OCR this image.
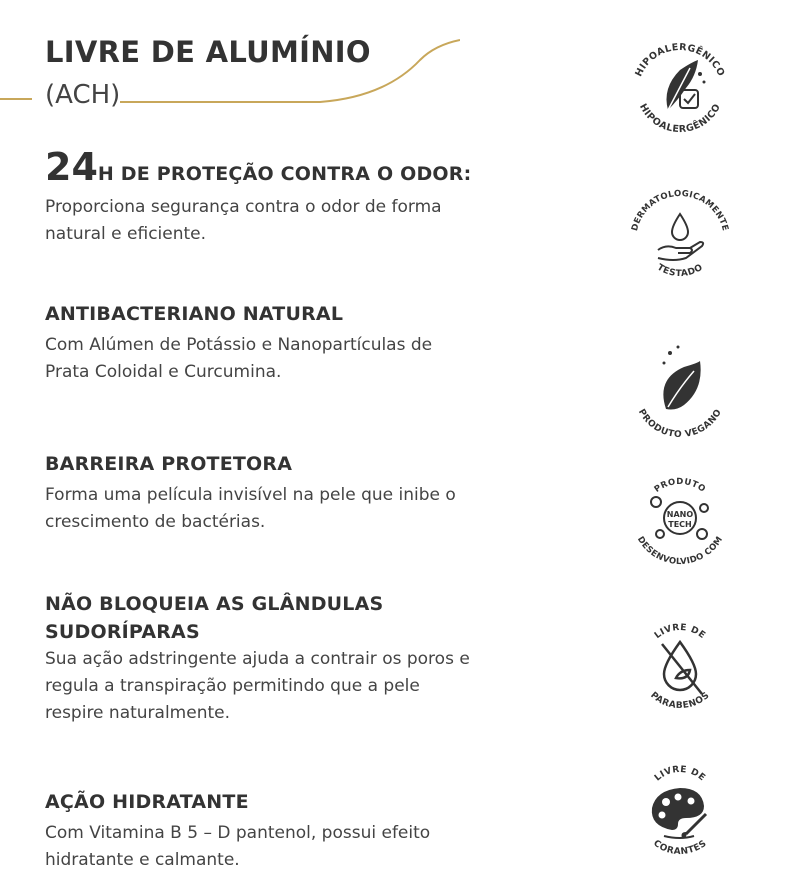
LIVRE DE ALUMÍNIO
(ACH)

24H DE PROTEÇÃO CONTRA O ODOR:

Proporciona segurança contra o odor de forma
natural e eficiente.

ANTIBACTERIANO NATURAL

Com Alúmen de Potássio e Nanopartículas de
Prata Coloidal e Curcumina.

BARREIRA PROTETORA

Forma uma película invisível na pele que inibe o
crescimento de bactérias.

NÃO BLOQUEIA AS GLÂNDULAS
SUDORÍPARAS

Sua ação adstringente ajuda a contrair os poros e
regula a transpiração permitindo que a pele
respire naturalmente.

AÇÃO HIDRATANTE

Com Vitamina B 5 – D pantenol, possui efeito
hidratante e calmante.

HIPOALERGÊNICO
HIPOALERGÊNICO
DERMATOLOGICAMENTE
TESTADO
PRODUTO VEGANO
PRODUTO
NANO
TECH
DESENVOLVIDO COM
LIVRE DE
PARABENOS
LIVRE DE
CORANTES
